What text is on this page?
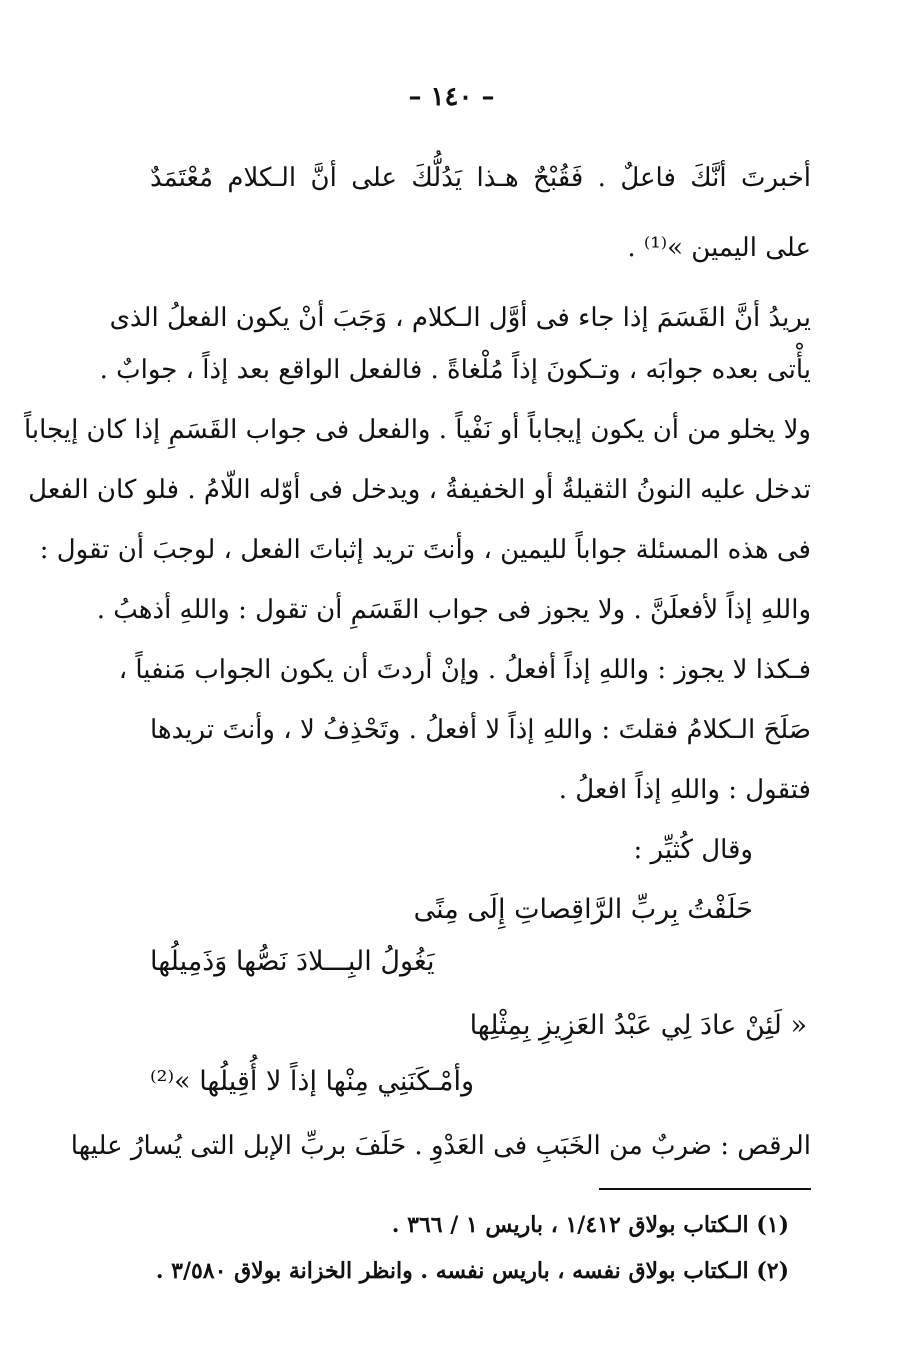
– ١٤٠ –
أخبرتَ أنَّكَ فاعلٌ . فَقُبْحٌ هـذا يَدُلُّكَ على أنَّ الـكلام مُعْتَمَدٌ
على اليمين »⁽¹⁾ .
يريدُ أنَّ القَسَمَ إذا جاء فى أوَّل الـكلام ، وَجَبَ أنْ يكون الفعلُ الذى
يأْتى بعده جوابَه ، وتـكونَ إذاً مُلْغاةً . فالفعل الواقع بعد إذاً ، جوابٌ .
ولا يخلو من أن يكون إيجاباً أو نَفْياً . والفعل فى جواب القَسَمِ إذا كان إيجاباً
تدخل عليه النونُ الثقيلةُ أو الخفيفةُ ، ويدخل فى أوّله اللّامُ . فلو كان الفعل
فى هذه المسئلة جواباً لليمين ، وأنتَ تريد إثباتَ الفعل ، لوجبَ أن تقول :
واللهِ إذاً لأفعلَنَّ . ولا يجوز فى جواب القَسَمِ أن تقول : واللهِ أذهبُ .
فـكذا لا يجوز : واللهِ إذاً أفعلُ . وإنْ أردتَ أن يكون الجواب مَنفياً ،
صَلَحَ الـكلامُ فقلتَ : واللهِ إذاً لا أفعلُ . وتَحْذِفُ لا ، وأنتَ تريدها
فتقول : واللهِ إذاً افعلُ .
وقال كُثيِّر :
حَلَفْتُ بِربِّ الرَّاقِصاتِ إِلَى مِنًى
يَغُولُ البِـــلادَ نَصُّها وَذَمِيلُها
« لَئِنْ عادَ لِي عَبْدُ العَزِيزِ بِمِثْلِها
وأمْـكَنَنِي مِنْها إذاً لا أُقِيلُها »⁽²⁾
الرقص : ضربٌ من الخَبَبِ فى العَدْوِ . حَلَفَ بربِّ الإبل التى يُسارُ عليها
(١) الـكتاب بولاق ١/٤١٢ ، باريس ١ / ٣٦٦ .
(٢) الـكتاب بولاق نفسه ، باريس نفسه . وانظر الخزانة بولاق ٣/٥٨٠ .
